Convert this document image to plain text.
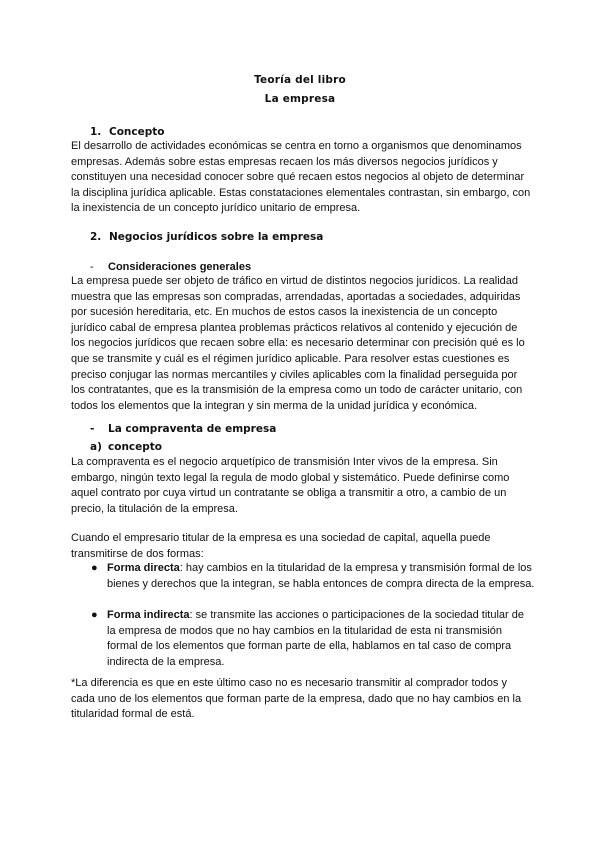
Teoría del libro
La empresa
1. Concepto

El desarrollo de actividades económicas se centra en torno a organismos que denominamos empresas. Además sobre estas empresas recaen los más diversos negocios jurídicos y constituyen una necesidad conocer sobre qué recaen estos negocios al objeto de determinar la disciplina jurídica aplicable. Estas constataciones elementales contrastan, sin embargo, con la inexistencia de un concepto jurídico unitario de empresa.

2. Negocios jurídicos sobre la empresa
- Consideraciones generales

La empresa puede ser objeto de tráfico en virtud de distintos negocios jurídicos. La realidad muestra que las empresas son compradas, arrendadas, aportadas a sociedades, adquiridas por sucesión hereditaria, etc. En muchos de estos casos la inexistencia de un concepto jurídico cabal de empresa plantea problemas prácticos relativos al contenido y ejecución de los negocios jurídicos que recaen sobre ella: es necesario determinar con precisión qué es lo que se transmite y cuál es el régimen jurídico aplicable. Para resolver estas cuestiones es preciso conjugar las normas mercantiles y civiles aplicables com la finalidad perseguida por los contratantes, que es la transmisión de la empresa como un todo de carácter unitario, con todos los elementos que la integran y sin merma de la unidad jurídica y económica.

- La compraventa de empresa
a) concepto

La compraventa es el negocio arquetípico de transmisión Inter vivos de la empresa. Sin embargo, ningún texto legal la regula de modo global y sistemático. Puede definirse como aquel contrato por cuya virtud un contratante se obliga a transmitir a otro, a cambio de un precio, la titulación de la empresa.

Cuando el empresario titular de la empresa es una sociedad de capital, aquella puede transmitirse de dos formas:

● Forma directa: hay cambios en la titularidad de la empresa y transmisión formal de los bienes y derechos que la integran, se habla entonces de compra directa de la empresa.

● Forma indirecta: se transmite las acciones o participaciones de la sociedad titular de la empresa de modos que no hay cambios en la titularidad de esta ni transmisión formal de los elementos que forman parte de ella, hablamos en tal caso de compra indirecta de la empresa.

*La diferencia es que en este último caso no es necesario transmitir al comprador todos y cada uno de los elementos que forman parte de la empresa, dado que no hay cambios en la titularidad formal de está.
